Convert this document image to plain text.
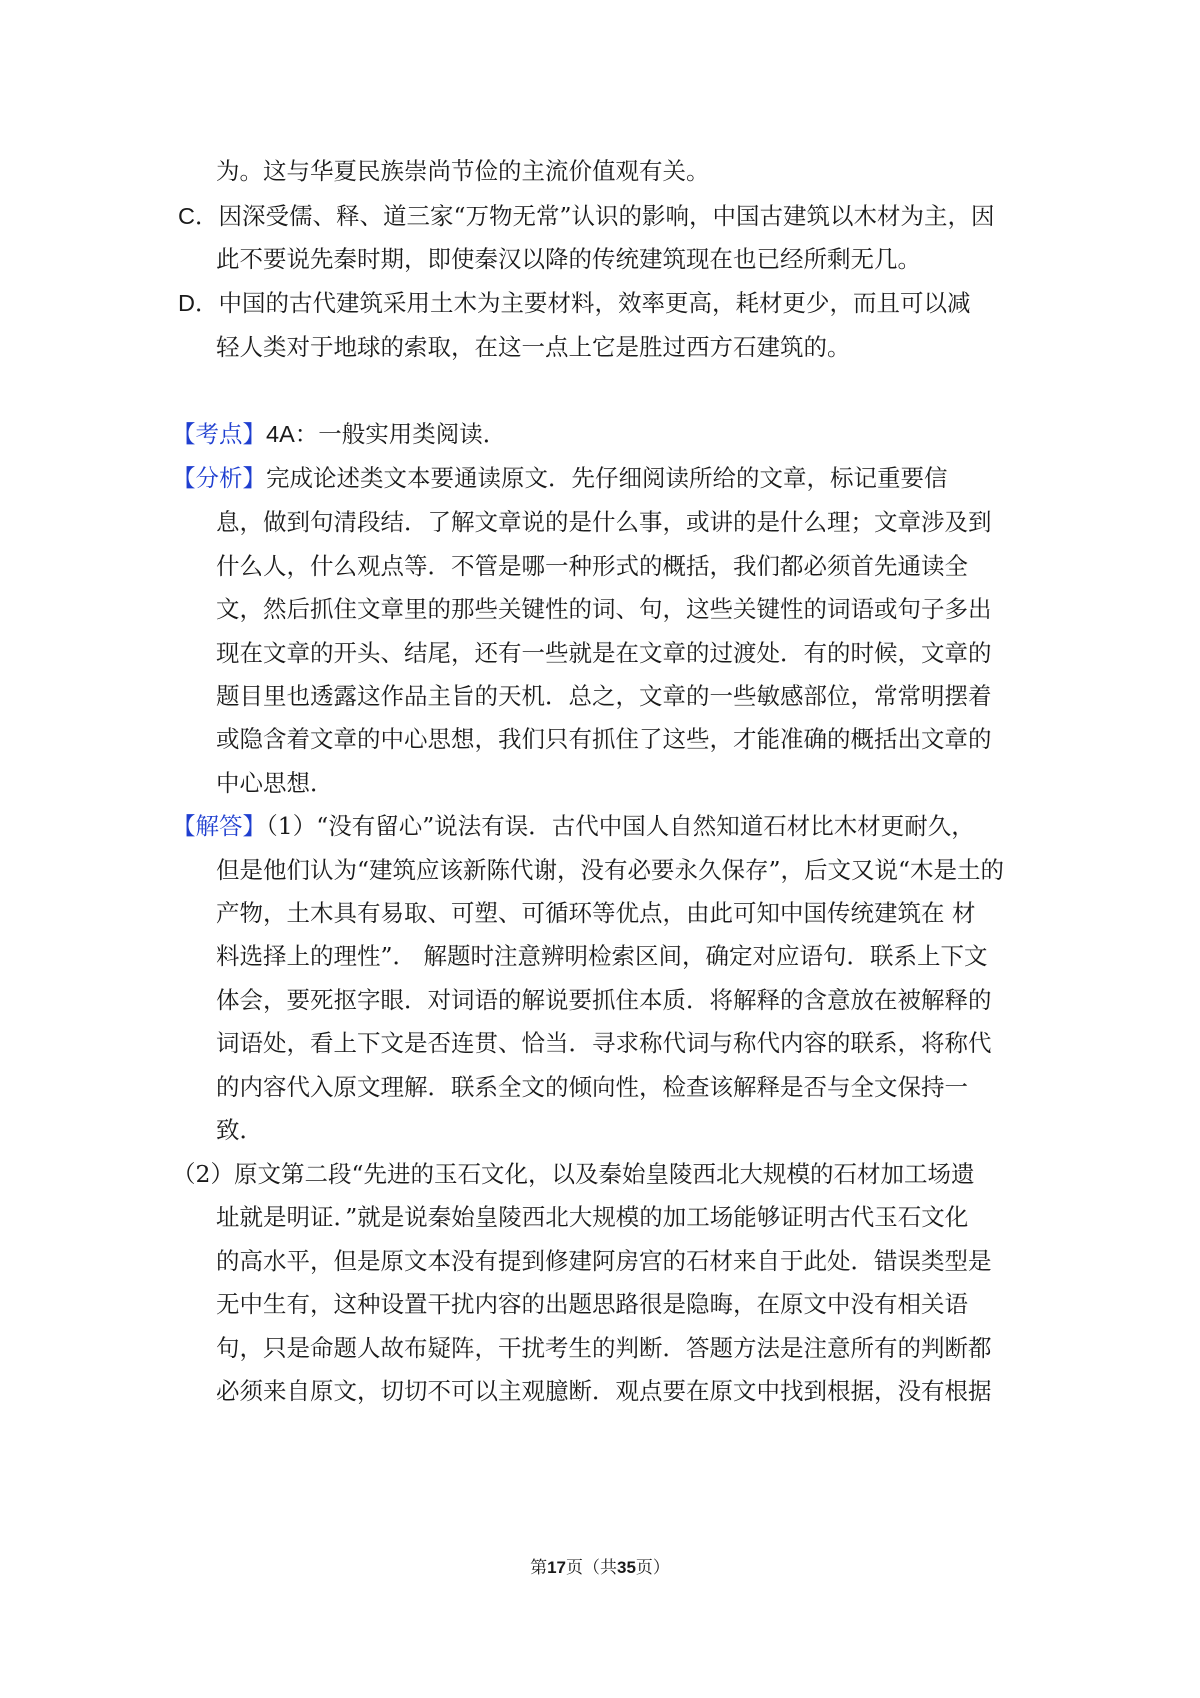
为。这与华夏民族崇尚节俭的主流价值观有关。
C．因深受儒、释、道三家“万物无常”认识的影响，中国古建筑以木材为主，因
此不要说先秦时期，即使秦汉以降的传统建筑现在也已经所剩无几。
D．中国的古代建筑采用土木为主要材料，效率更高，耗材更少，而且可以减
轻人类对于地球的索取，在这一点上它是胜过西方石建筑的。
【考点】4A：一般实用类阅读．
【分析】完成论述类文本要通读原文．先仔细阅读所给的文章，标记重要信
息，做到句清段结．了解文章说的是什么事，或讲的是什么理；文章涉及到
什么人，什么观点等．不管是哪一种形式的概括，我们都必须首先通读全
文，然后抓住文章里的那些关键性的词、句，这些关键性的词语或句子多出
现在文章的开头、结尾，还有一些就是在文章的过渡处．有的时候，文章的
题目里也透露这作品主旨的天机．总之，文章的一些敏感部位，常常明摆着
或隐含着文章的中心思想，我们只有抓住了这些，才能准确的概括出文章的
中心思想．
【解答】（1）“没有留心”说法有误．古代中国人自然知道石材比木材更耐久，
但是他们认为“建筑应该新陈代谢，没有必要永久保存”，后文又说“木是土的
产物，土木具有易取、可塑、可循环等优点，由此可知中国传统建筑在 材
料选择上的理性”． 解题时注意辨明检索区间，确定对应语句．联系上下文
体会，要死抠字眼．对词语的解说要抓住本质．将解释的含意放在被解释的
词语处，看上下文是否连贯、恰当．寻求称代词与称代内容的联系，将称代
的内容代入原文理解．联系全文的倾向性，检查该解释是否与全文保持一
致．
（2）原文第二段“先进的玉石文化，以及秦始皇陵西北大规模的石材加工场遗
址就是明证．”就是说秦始皇陵西北大规模的加工场能够证明古代玉石文化
的高水平，但是原文本没有提到修建阿房宫的石材来自于此处．错误类型是
无中生有，这种设置干扰内容的出题思路很是隐晦，在原文中没有相关语
句，只是命题人故布疑阵，干扰考生的判断．答题方法是注意所有的判断都
必须来自原文，切切不可以主观臆断．观点要在原文中找到根据，没有根据
第17页（共35页）
